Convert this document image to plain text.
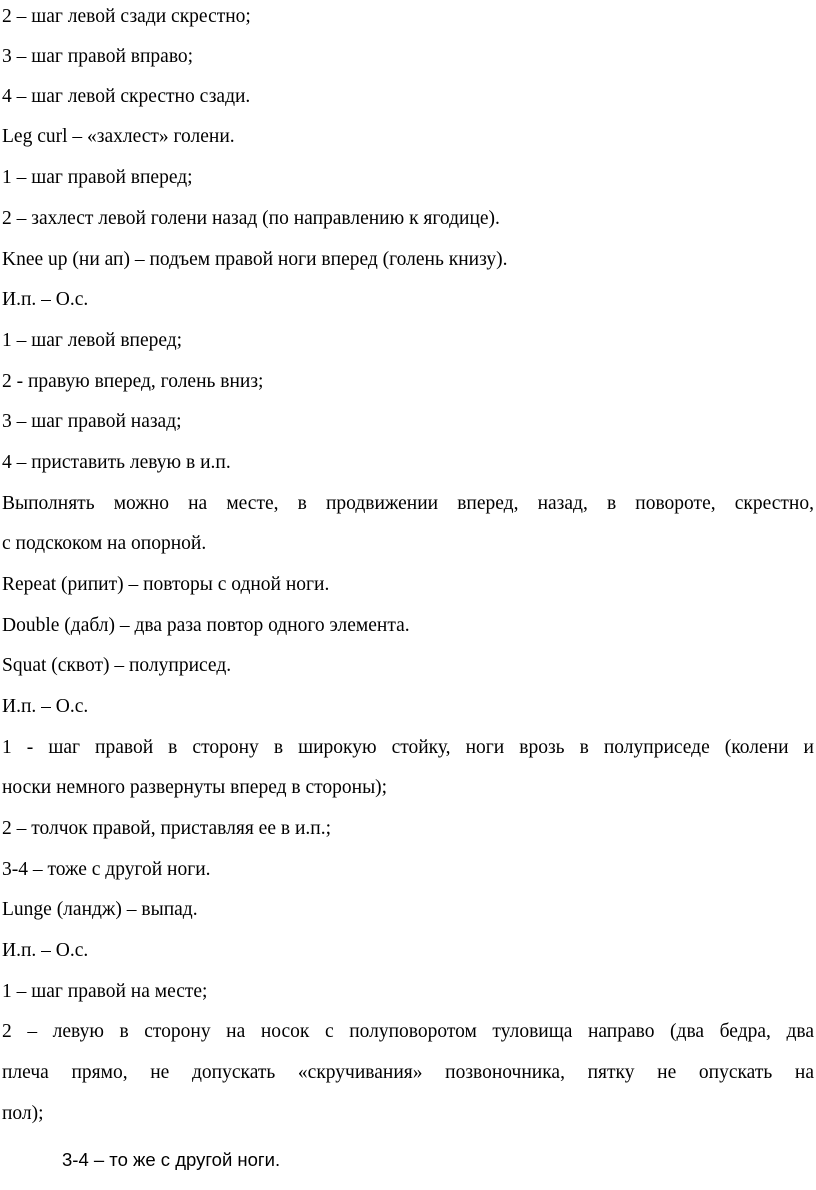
2 – шаг левой сзади скрестно;
3 – шаг правой вправо;
4 – шаг левой скрестно сзади.
Leg curl – «захлест» голени.
1 – шаг правой вперед;
2 – захлест левой голени назад (по направлению к ягодице).
Knee up (ни ап) – подъем правой ноги вперед (голень книзу).
И.п. – О.с.
1 – шаг левой вперед;
2 - правую вперед, голень вниз;
3 – шаг правой назад;
4 – приставить левую в и.п.
Выполнять можно на месте, в продвижении вперед, назад, в повороте, скрестно,
с подскоком на опорной.
Repeat (рипит) – повторы с одной ноги.
Double (дабл) – два раза повтор одного элемента.
Squat (сквот) – полуприсед.
И.п. – О.с.
1 - шаг правой в сторону в широкую стойку, ноги врозь в полуприседе (колени и
носки немного развернуты вперед в стороны);
2 – толчок правой, приставляя ее в и.п.;
3-4 – тоже с другой ноги.
Lunge (ландж) – выпад.
И.п. – О.с.
1 – шаг правой на месте;
2 – левую в сторону на носок с полуповоротом туловища направо (два бедра, два
плеча прямо, не допускать «скручивания» позвоночника, пятку не опускать на
пол);
3-4 – то же с другой ноги.
